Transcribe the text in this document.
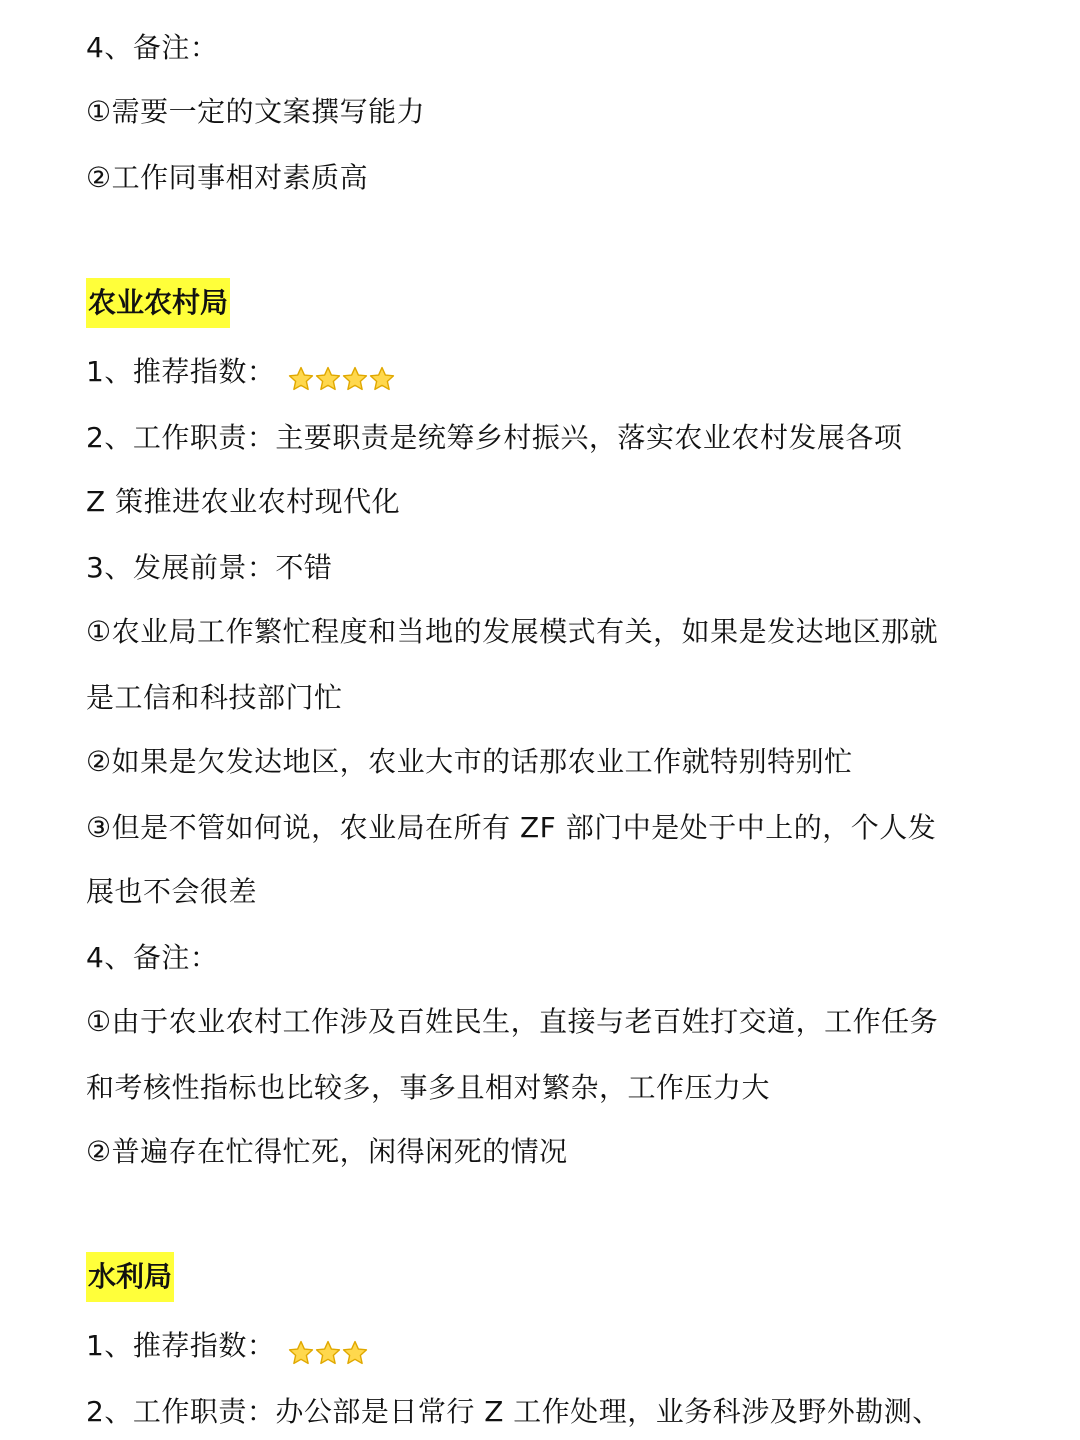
4、备注：
①需要一定的文案撰写能力
②工作同事相对素质高
农业农村局
1、推荐指数：
2、工作职责：主要职责是统筹乡村振兴，落实农业农村发展各项
Z 策推进农业农村现代化
3、发展前景：不错
①农业局工作繁忙程度和当地的发展模式有关，如果是发达地区那就
是工信和科技部门忙
②如果是欠发达地区，农业大市的话那农业工作就特别特别忙
③但是不管如何说，农业局在所有 ZF 部门中是处于中上的，个人发
展也不会很差
4、备注：
①由于农业农村工作涉及百姓民生，直接与老百姓打交道，工作任务
和考核性指标也比较多，事多且相对繁杂，工作压力大
②普遍存在忙得忙死，闲得闲死的情况
水利局
1、推荐指数：
2、工作职责：办公部是日常行 Z 工作处理，业务科涉及野外勘测、
